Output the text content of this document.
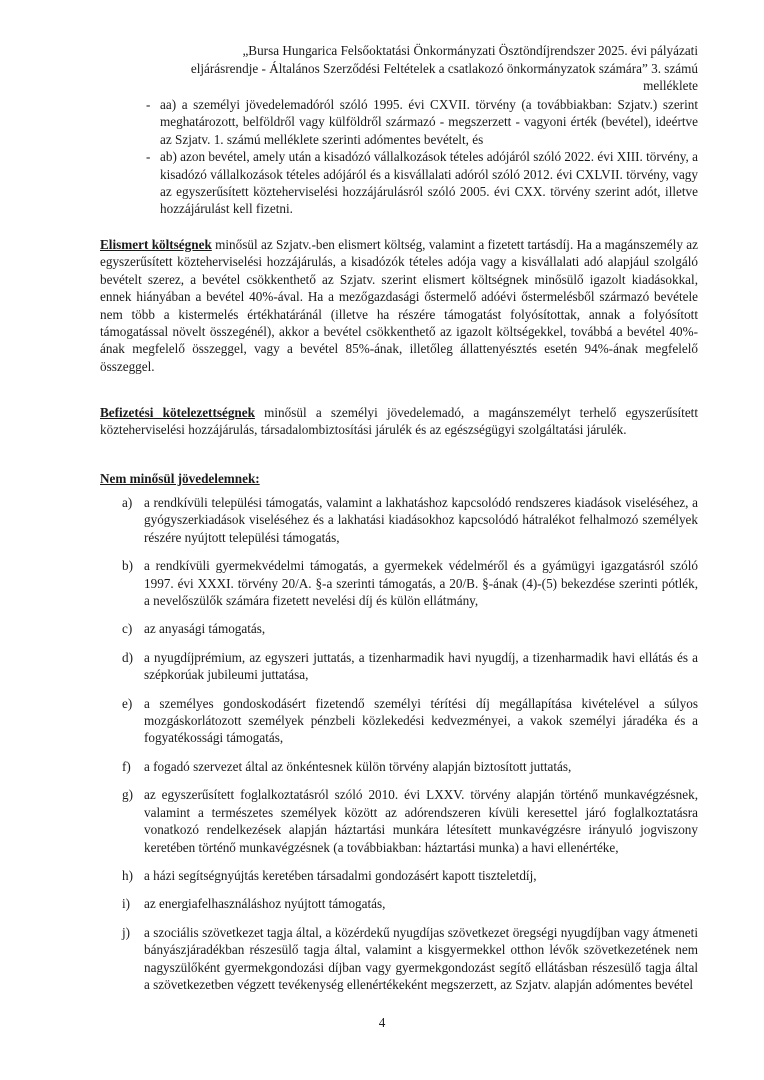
„Bursa Hungarica Felsőoktatási Önkormányzati Ösztöndíjrendszer 2025. évi pályázati
eljárásrendje - Általános Szerződési Feltételek a csatlakozó önkormányzatok számára” 3. számú
melléklete
- aa) a személyi jövedelemadóról szóló 1995. évi CXVII. törvény (a továbbiakban: Szjatv.) szerint meghatározott, belföldről vagy külföldről származó - megszerzett - vagyoni érték (bevétel), ideértve az Szjatv. 1. számú melléklete szerinti adómentes bevételt, és
- ab) azon bevétel, amely után a kisadózó vállalkozások tételes adójáról szóló 2022. évi XIII. törvény, a kisadózó vállalkozások tételes adójáról és a kisvállalati adóról szóló 2012. évi CXLVII. törvény, vagy az egyszerűsített közteherviselési hozzájárulásról szóló 2005. évi CXX. törvény szerint adót, illetve hozzájárulást kell fizetni.
Elismert költségnek minősül az Szjatv.-ben elismert költség, valamint a fizetett tartásdíj. Ha a magánszemély az egyszerűsített közteherviselési hozzájárulás, a kisadózók tételes adója vagy a kisvállalati adó alapjául szolgáló bevételt szerez, a bevétel csökkenthető az Szjatv. szerint elismert költségnek minősülő igazolt kiadásokkal, ennek hiányában a bevétel 40%-ával. Ha a mezőgazdasági őstermelő adóévi őstermelésből származó bevétele nem több a kistermelés értékhatáránál (illetve ha részére támogatást folyósítottak, annak a folyósított támogatással növelt összegénél), akkor a bevétel csökkenthető az igazolt költségekkel, továbbá a bevétel 40%-ának megfelelő összeggel, vagy a bevétel 85%-ának, illetőleg állattenyésztés esetén 94%-ának megfelelő összeggel.
Befizetési kötelezettségnek minősül a személyi jövedelemadó, a magánszemélyt terhelő egyszerűsített közteherviselési hozzájárulás, társadalombiztosítási járulék és az egészségügyi szolgáltatási járulék.
Nem minősül jövedelemnek:
a) a rendkívüli települési támogatás, valamint a lakhatáshoz kapcsolódó rendszeres kiadások viseléséhez, a gyógyszerkiadások viseléséhez és a lakhatási kiadásokhoz kapcsolódó hátralékot felhalmozó személyek részére nyújtott települési támogatás,
b) a rendkívüli gyermekvédelmi támogatás, a gyermekek védelméről és a gyámügyi igazgatásról szóló 1997. évi XXXI. törvény 20/A. §-a szerinti támogatás, a 20/B. §-ának (4)-(5) bekezdése szerinti pótlék, a nevelőszülők számára fizetett nevelési díj és külön ellátmány,
c) az anyasági támogatás,
d) a nyugdíjprémium, az egyszeri juttatás, a tizenharmadik havi nyugdíj, a tizenharmadik havi ellátás és a szépkorúak jubileumi juttatása,
e) a személyes gondoskodásért fizetendő személyi térítési díj megállapítása kivételével a súlyos mozgáskorlátozott személyek pénzbeli közlekedési kedvezményei, a vakok személyi járadéka és a fogyatékossági támogatás,
f)	a fogadó szervezet által az önkéntesnek külön törvény alapján biztosított juttatás,
g) az egyszerűsített foglalkoztatásról szóló 2010. évi LXXV. törvény alapján történő munkavégzésnek, valamint a természetes személyek között az adórendszeren kívüli keresettel járó foglalkoztatásra vonatkozó rendelkezések alapján háztartási munkára létesített munkavégzésre irányuló jogviszony keretében történő munkavégzésnek (a továbbiakban: háztartási munka) a havi ellenértéke,
h) a házi segítségnyújtás keretében társadalmi gondozásért kapott tiszteletdíj,
i)	az energiafelhasználáshoz nyújtott támogatás,
j)	a szociális szövetkezet tagja által, a közérdekű nyugdíjas szövetkezet öregségi nyugdíjban vagy átmeneti bányászjáradékban részesülő tagja által, valamint a kisgyermekkel otthon lévők szövetkezetének nem nagyszülőként gyermekgondozási díjban vagy gyermekgondozást segítő ellátásban részesülő tagja által a szövetkezetben végzett tevékenység ellenértékeként megszerzett, az Szjatv. alapján adómentes bevétel
4
